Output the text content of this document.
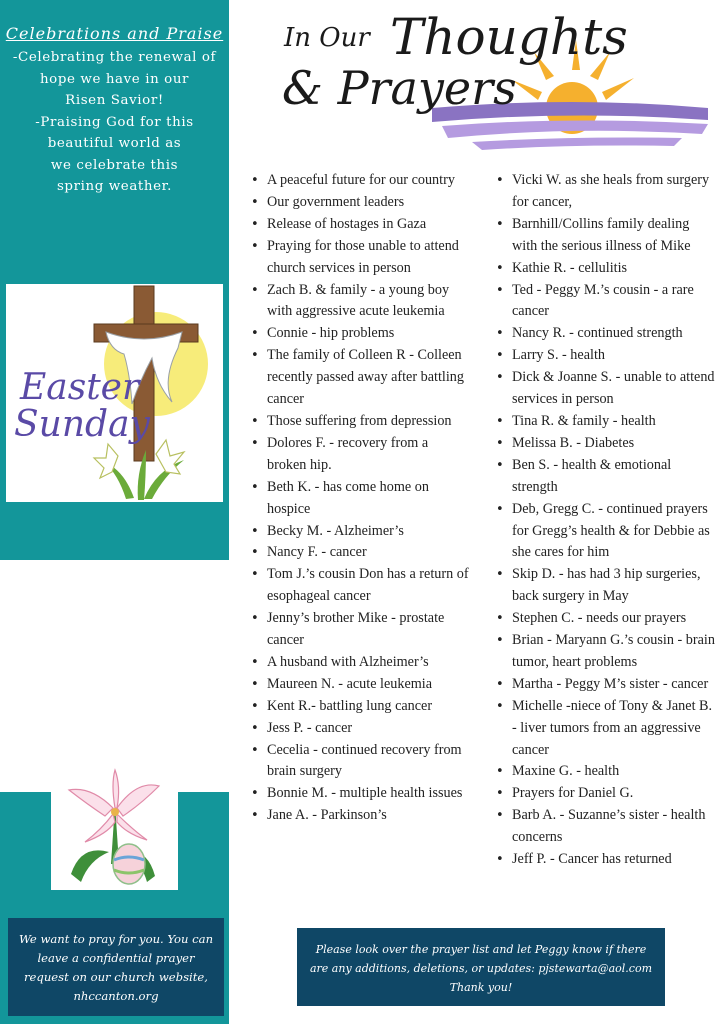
Celebrations and Praise
-Celebrating the renewal of
hope we have in our
Risen Savior!
-Praising God for this
beautiful world as
we celebrate this
spring weather.
Easter
Sunday
Thank You
*Appreciation to Pastor Ryan
for sharing the message this
week.
*We thank Patti Grewell and
the many singers who have
joined the Worship Team.
We want to pray for you. You can leave a confidential prayer request on our church website, nhccanton.org
In Our Thoughts
& Prayers
• A peaceful future for our country
• Our government leaders
• Release of hostages in Gaza
• Praying for those unable to attend church services in person
• Zach B. & family - a young boy with aggressive acute leukemia
• Connie - hip problems
• The family of Colleen R - Colleen recently passed away after battling cancer
• Those suffering from depression
• Dolores F. - recovery from a broken hip.
• Beth K. - has come home on hospice
• Becky M. - Alzheimer’s
• Nancy F. - cancer
• Tom J.’s cousin Don has a return of esophageal cancer
• Jenny’s brother Mike - prostate cancer
• A husband with Alzheimer’s
• Maureen N. - acute leukemia
• Kent R.- battling lung cancer
• Jess P. - cancer
• Cecelia - continued recovery from brain surgery
• Bonnie M. - multiple health issues
• Jane A. - Parkinson’s
• Vicki W. as she heals from surgery for cancer,
• Barnhill/Collins family dealing with the serious illness of Mike
• Kathie R. - cellulitis
• Ted - Peggy M.’s cousin - a rare cancer
• Nancy R. - continued strength
• Larry S. - health
• Dick & Joanne S. - unable to attend services in person
• Tina R. & family - health
• Melissa B. - Diabetes
• Ben S. - health & emotional strength
• Deb, Gregg C. - continued prayers for Gregg’s health & for Debbie as she cares for him
• Skip D. - has had 3 hip surgeries, back surgery in May
• Stephen C. - needs our prayers
• Brian - Maryann G.’s cousin - brain tumor, heart problems
• Martha - Peggy M’s sister - cancer
• Michelle -niece of Tony & Janet B. - liver tumors from an aggressive cancer
• Maxine G. - health
• Prayers for Daniel G.
• Barb A. - Suzanne’s sister - health concerns
• Jeff P. - Cancer has returned
Please look over the prayer list and let Peggy know if there are any additions, deletions, or updates: pjstewarta@aol.com
Thank you!
